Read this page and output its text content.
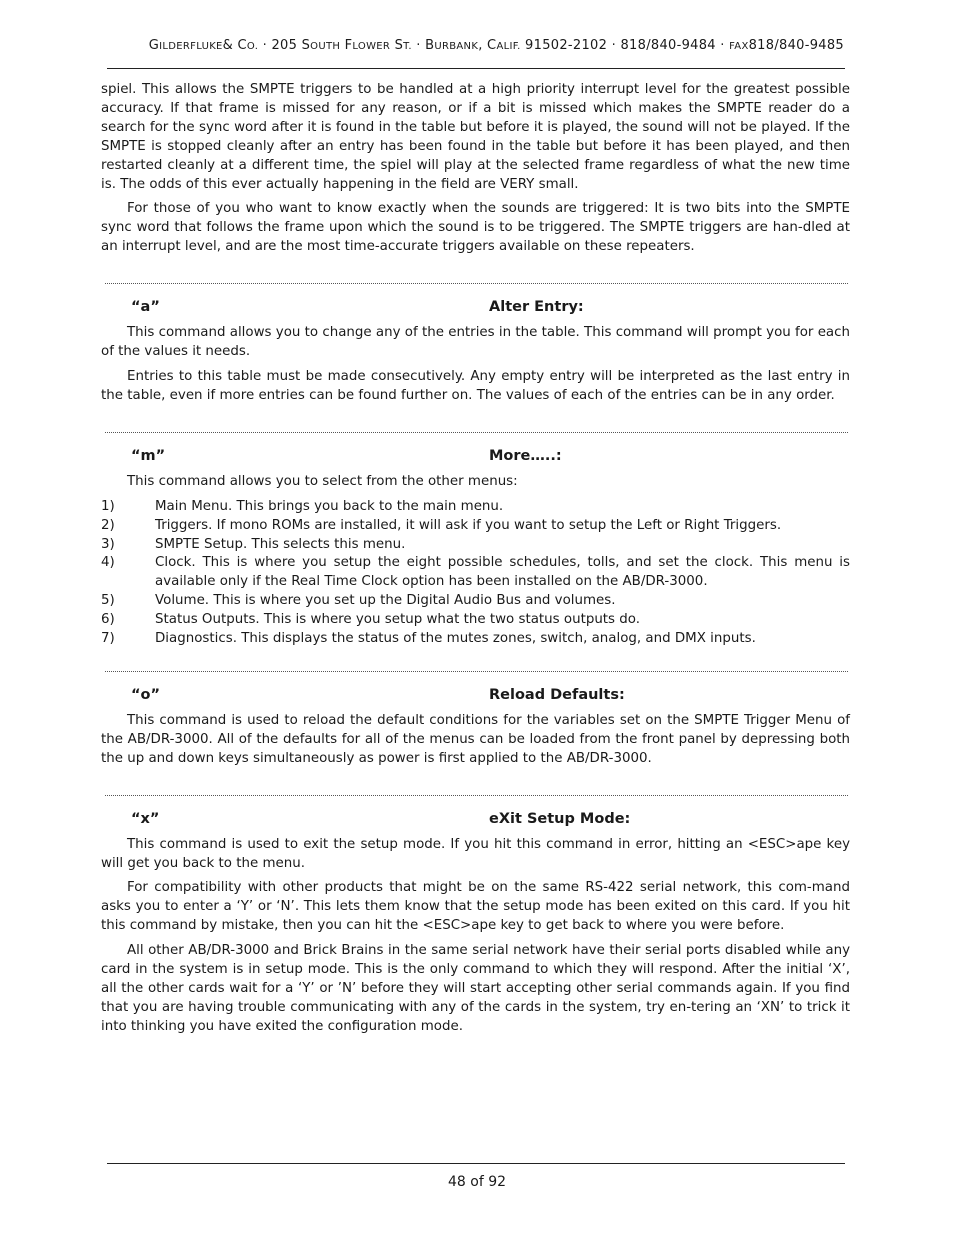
GILDERFLUKE& CO. · 205 SOUTH FLOWER ST. · BURBANK, CALIF. 91502-2102 · 818/840-9484 · FAX818/840-9485

spiel. This allows the SMPTE triggers to be handled at a high priority interrupt level for the greatest possible accuracy. If that frame is missed for any reason, or if a bit is missed which makes the SMPTE reader do a search for the sync word after it is found in the table but before it is played, the sound will not be played. If the SMPTE is stopped cleanly after an entry has been found in the table but before it has been played, and then restarted cleanly at a different time, the spiel will play at the selected frame regardless of what the new time is. The odds of this ever actually happening in the field are VERY small.

For those of you who want to know exactly when the sounds are triggered: It is two bits into the SMPTE sync word that follows the frame upon which the sound is to be triggered. The SMPTE triggers are han-dled at an interrupt level, and are the most time-accurate triggers available on these repeaters.

“a”	Alter Entry:

This command allows you to change any of the entries in the table. This command will prompt you for each of the values it needs.

Entries to this table must be made consecutively. Any empty entry will be interpreted as the last entry in the table, even if more entries can be found further on. The values of each of the entries can be in any order.

“m”	More…..:

This command allows you to select from the other menus:

1)	Main Menu. This brings you back to the main menu.
2)	Triggers. If mono ROMs are installed, it will ask if you want to setup the Left or Right Triggers.
3)	SMPTE Setup. This selects this menu.
4)	Clock. This is where you setup the eight possible schedules, tolls, and set the clock. This menu is available only if the Real Time Clock option has been installed on the AB/DR-3000.
5)	Volume. This is where you set up the Digital Audio Bus and volumes.
6)	Status Outputs. This is where you setup what the two status outputs do.
7)	Diagnostics. This displays the status of the mutes zones, switch, analog, and DMX inputs.
“o”	Reload Defaults:

This command is used to reload the default conditions for the variables set on the SMPTE Trigger Menu of the AB/DR-3000. All of the defaults for all of the menus can be loaded from the front panel by depressing both the up and down keys simultaneously as power is first applied to the AB/DR-3000.

“x”	eXit Setup Mode:

This command is used to exit the setup mode. If you hit this command in error, hitting an <ESC>ape key will get you back to the menu.

For compatibility with other products that might be on the same RS-422 serial network, this com-mand asks you to enter a ‘Y’ or ‘N’. This lets them know that the setup mode has been exited on this card. If you hit this command by mistake, then you can hit the <ESC>ape key to get back to where you were before.

All other AB/DR-3000 and Brick Brains in the same serial network have their serial ports disabled while any card in the system is in setup mode. This is the only command to which they will respond. After the initial ‘X’, all the other cards wait for a ‘Y’ or ’N’ before they will start accepting other serial commands again. If you find that you are having trouble communicating with any of the cards in the system, try en-tering an ‘XN’ to trick it into thinking you have exited the configuration mode.

48 of 92
